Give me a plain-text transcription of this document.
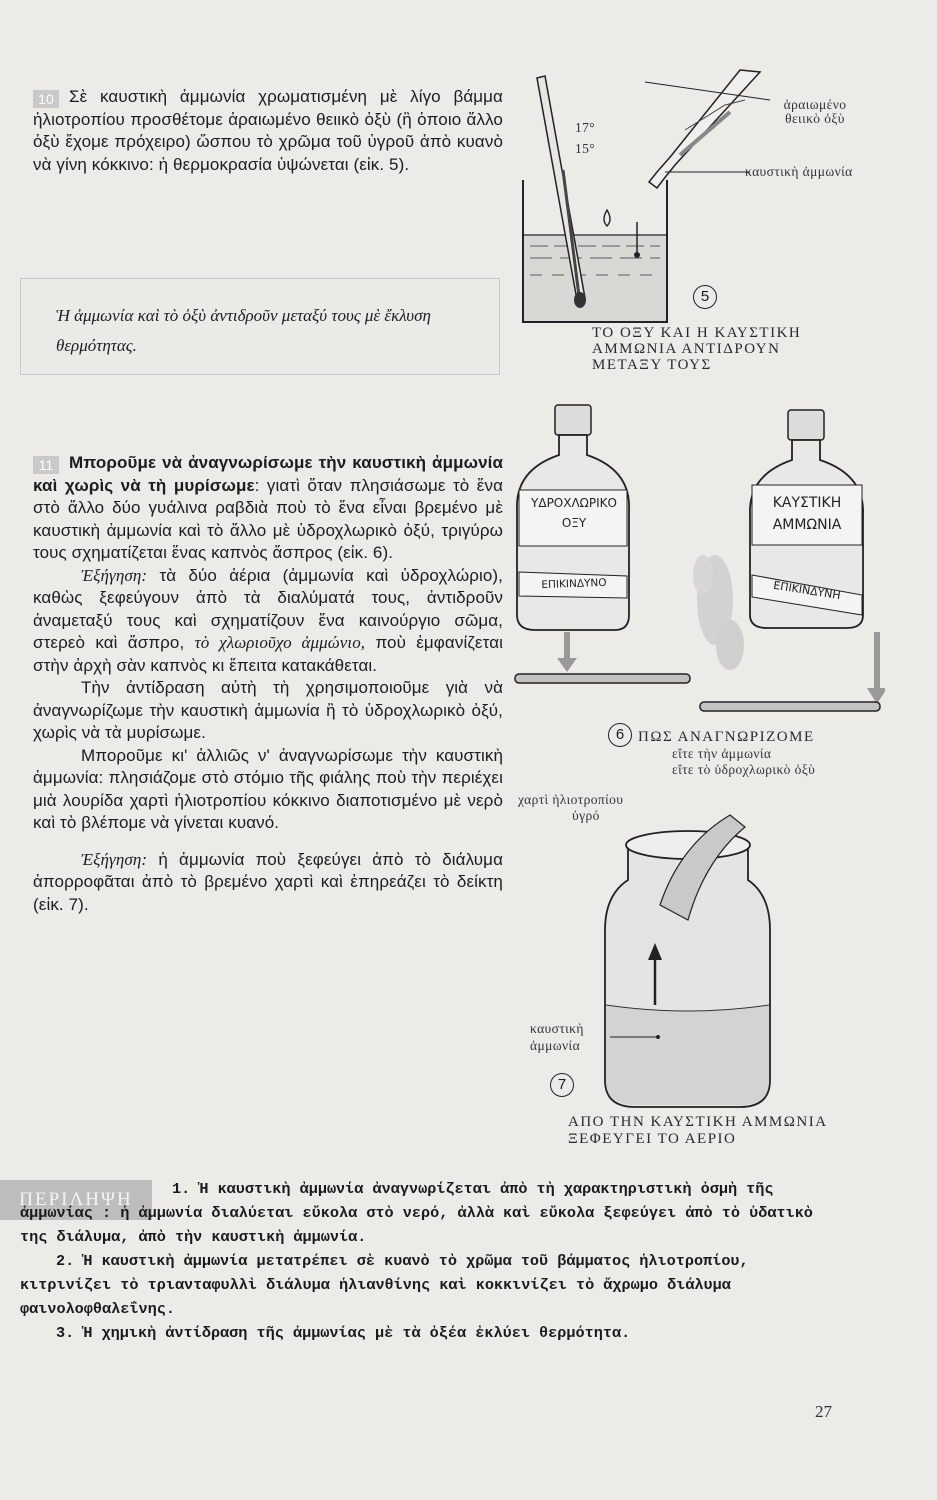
10 Σὲ καυστικὴ ἀμμωνία χρωματισμένη μὲ λίγο βάμμα ἡλιοτροπίου προσθέτομε ἀραιωμένο θειικὸ ὀξὺ (ἢ ὁποιο ἄλλο ὀξὺ ἔχομε πρόχειρο) ὥσπου τὸ χρῶμα τοῦ ὑγροῦ ἀπὸ κυανὸ νὰ γίνη κόκκινο: ἡ θερμοκρασία ὑψώνεται (εἰκ. 5).
Ἡ ἀμμωνία καὶ τὸ ὀξὺ ἀντιδροῦν μεταξύ τους μὲ ἔκλυση θερμότητας.
17°
15°
ἀραιωμένο θειικὸ ὀξὺ
καυστικὴ ἀμμωνία
5
ΤΟ ΟΞΥ ΚΑΙ Η ΚΑΥΣΤΙΚΗ ΑΜΜΩΝΙΑ ΑΝΤΙΔΡΟΥΝ ΜΕΤΑΞΥ ΤΟΥΣ

11 Μποροῦμε νὰ ἀναγνωρίσωμε τὴν καυστικὴ ἀμμωνία καὶ χωρὶς νὰ τὴ μυρίσωμε: γιατὶ ὅταν πλησιάσωμε τὸ ἕνα στὸ ἄλλο δύο γυάλινα ραβδιὰ ποὺ τὸ ἕνα εἶναι βρεμένο μὲ καυστικὴ ἀμμωνία καὶ τὸ ἄλλο μὲ ὑδροχλωρικὸ ὀξύ, τριγύρω τους σχηματίζεται ἕνας καπνὸς ἄσπρος (εἰκ. 6).

Ἐξήγηση: τὰ δύο ἀέρια (ἀμμωνία καὶ ὑδροχλώριο), καθὼς ξεφεύγουν ἀπὸ τὰ διαλύματά τους, ἀντιδροῦν ἀναμεταξύ τους καὶ σχηματίζουν ἕνα καινούργιο σῶμα, στερεὸ καὶ ἄσπρο, τὸ χλωριοῦχο ἀμμώνιο, ποὺ ἐμφανίζεται στὴν ἀρχὴ σὰν καπνὸς κι ἔπειτα κατακάθεται.

Τὴν ἀντίδραση αὐτὴ τὴ χρησιμοποιοῦμε γιὰ νὰ ἀναγνωρίζωμε τὴν καυστικὴ ἀμμωνία ἢ τὸ ὑδροχλωρικὸ ὀξύ, χωρὶς νὰ τὰ μυρίσωμε.

Μποροῦμε κι' ἀλλιῶς ν' ἀναγνωρίσωμε τὴν καυστικὴ ἀμμωνία: πλησιάζομε στὸ στόμιο τῆς φιάλης ποὺ τὴν περιέχει μιὰ λουρίδα χαρτὶ ἡλιοτροπίου κόκκινο διαποτισμένο μὲ νερὸ καὶ τὸ βλέπομε νὰ γίνεται κυανό.

Ἐξήγηση: ἡ ἀμμωνία ποὺ ξεφεύγει ἀπὸ τὸ διάλυμα ἀπορροφᾶται ἀπὸ τὸ βρεμένο χαρτὶ καὶ ἐπηρεάζει τὸ δείκτη (εἰκ. 7).

ΥΔΡΟΧΛΩΡΙΚΟ
ΟΞΥ
ΕΠΙΚΙΝΔΥΝΟ
ΚΑΥΣΤΙΚΗ
ΑΜΜΩΝΙΑ
ΕΠΙΚΙΝΔΥΝΗ
6 ΠΩΣ ΑΝΑΓΝΩΡΙΖΟΜΕ
εἴτε τὴν ἀμμωνία
εἴτε τὸ ὑδροχλωρικὸ ὀξὺ
χαρτὶ ἡλιοτροπίου
ὑγρό
καυστικὴ
ἀμμωνία
7
ΑΠΟ ΤΗΝ ΚΑΥΣΤΙΚΗ ΑΜΜΩΝΙΑ
ΞΕΦΕΥΓΕΙ ΤΟ ΑΕΡΙΟ
ΠΕΡΙΛΗΨΗ	1. Ἡ καυστικὴ ἀμμωνία ἀναγνωρίζεται ἀπὸ τὴ χαρακτηριστικὴ ὀσμὴ τῆς ἀμμωνίας : ἡ ἀμμωνία διαλύεται εὔκολα στὸ νερό, ἀλλὰ καὶ εὔκολα ξεφεύγει ἀπὸ τὸ ὑδατικὸ της διάλυμα, ἀπὸ τὴν καυστικὴ ἀμμωνία.

2. Ἡ καυστικὴ ἀμμωνία μετατρέπει σὲ κυανὸ τὸ χρῶμα τοῦ βάμματος ἡλιοτροπίου, κιτρινίζει τὸ τριανταφυλλὶ διάλυμα ἡλιανθίνης καὶ κοκκινίζει τὸ ἄχρωμο διάλυμα φαινολοφθαλεΐνης.

3. Ἡ χημικὴ ἀντίδραση τῆς ἀμμωνίας μὲ τὰ ὀξέα ἐκλύει θερμότητα.

27
